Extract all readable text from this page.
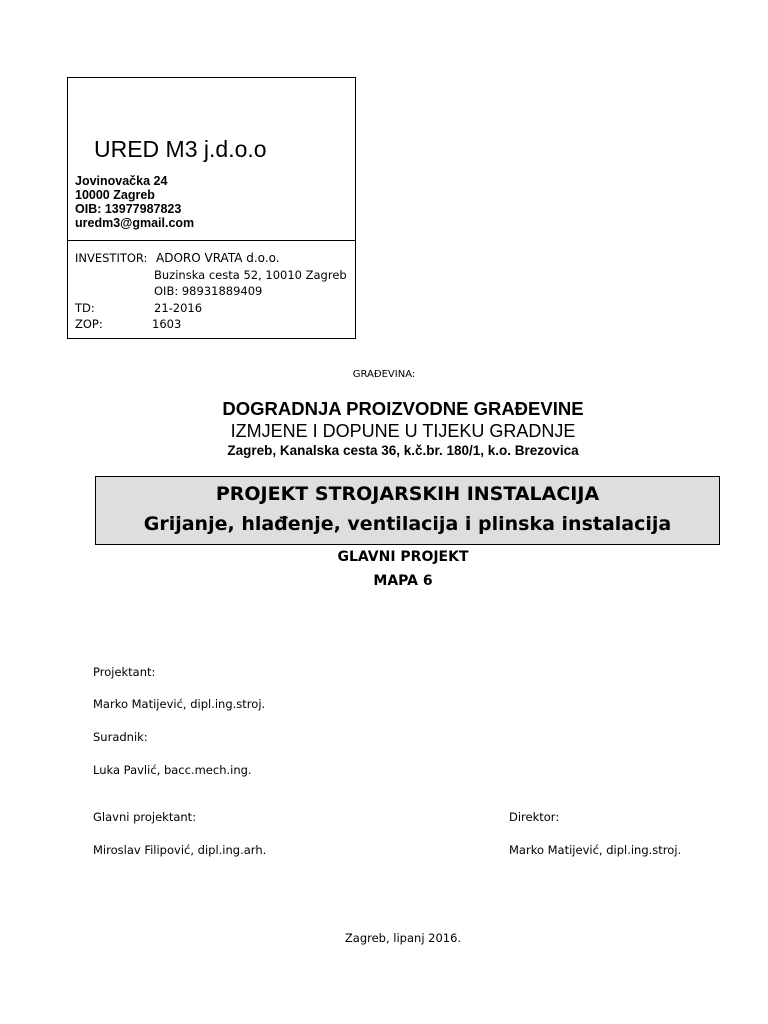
URED M3 j.d.o.o
Jovinovačka 24
10000 Zagreb
OIB: 13977987823
uredm3@gmail.com
INVESTITOR: ADORO VRATA d.o.o.
Buzinska cesta 52, 10010 Zagreb
OIB: 98931889409
TD:	21-2016
ZOP:	1603
GRAĐEVINA:
DOGRADNJA PROIZVODNE GRAĐEVINE
IZMJENE I DOPUNE U TIJEKU GRADNJE
Zagreb, Kanalska cesta 36, k.č.br. 180/1, k.o. Brezovica
PROJEKT STROJARSKIH INSTALACIJA
Grijanje, hlađenje, ventilacija i plinska instalacija
GLAVNI PROJEKT
MAPA 6
Projektant:
Marko Matijević, dipl.ing.stroj.
Suradnik:
Luka Pavlić, bacc.mech.ing.
Glavni projektant:
Miroslav Filipović, dipl.ing.arh.
Direktor:
Marko Matijević, dipl.ing.stroj.
Zagreb, lipanj 2016.
